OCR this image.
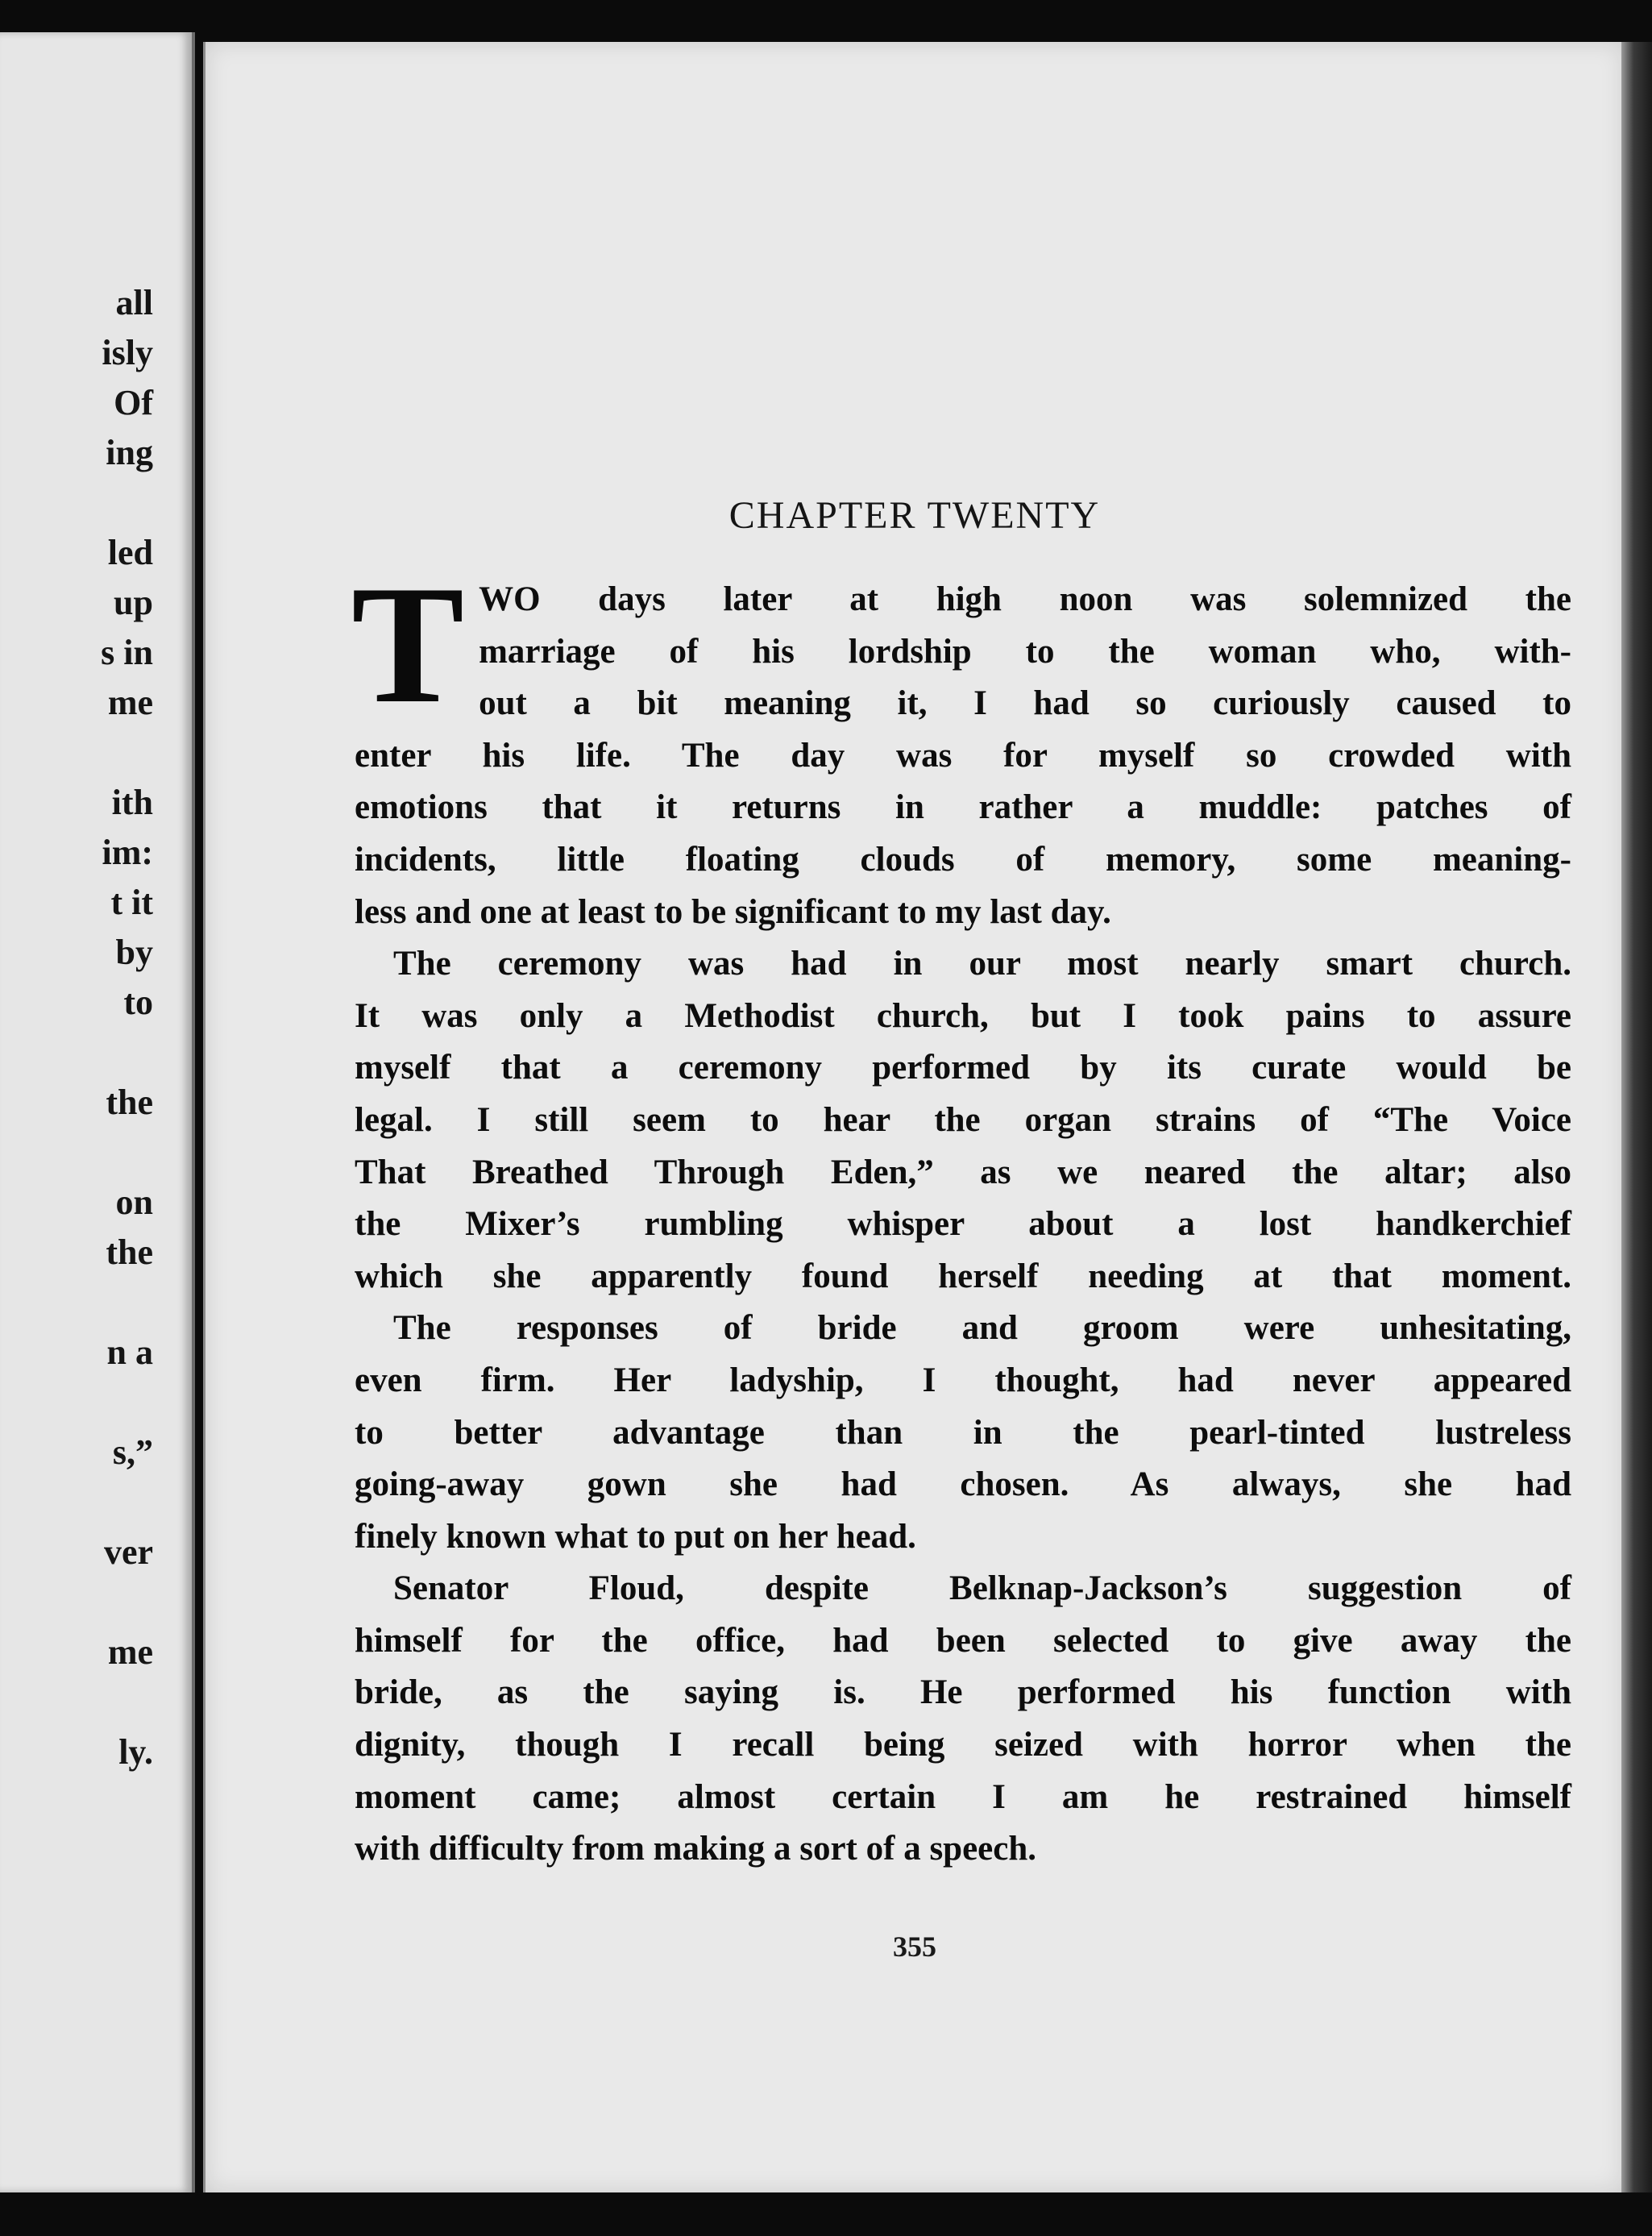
all
isly
Of
ing
led
up
s in
me
ith
im:
t it
by
to
the
on
the
n a
s,”
ver
me
ly.
CHAPTER TWENTY
T WO days later at high noon was solemnized the
marriage of his lordship to the woman who, with-
out a bit meaning it, I had so curiously caused to
enter his life. The day was for myself so crowded with
emotions that it returns in rather a muddle: patches of
incidents, little floating clouds of memory, some meaning-
less and one at least to be significant to my last day.
The ceremony was had in our most nearly smart church.
It was only a Methodist church, but I took pains to assure
myself that a ceremony performed by its curate would be
legal. I still seem to hear the organ strains of “The Voice
That Breathed Through Eden,” as we neared the altar; also
the Mixer’s rumbling whisper about a lost handkerchief
which she apparently found herself needing at that moment.
The responses of bride and groom were unhesitating,
even firm. Her ladyship, I thought, had never appeared
to better advantage than in the pearl-tinted lustreless
going-away gown she had chosen. As always, she had
finely known what to put on her head.
Senator Floud, despite Belknap-Jackson’s suggestion of
himself for the office, had been selected to give away the
bride, as the saying is. He performed his function with
dignity, though I recall being seized with horror when the
moment came; almost certain I am he restrained himself
with difficulty from making a sort of a speech.
355
